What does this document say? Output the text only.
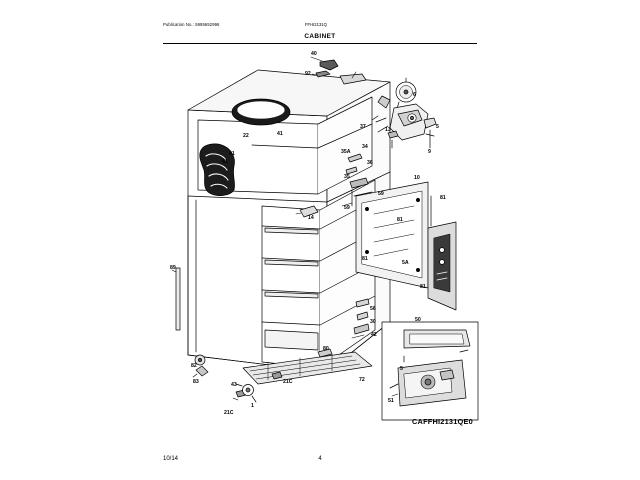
Publication No.: 5995652996	FFHI2131Q
CABINET
40
92
6
37	13	5
22	41
9
41	35A
34
36
41
35	10
59
81
59
14	81
81
5A
89
81
56
50
30
42
80
82
72
5
83	43	21C
51
21C
1
CAFFHI2131QE0
10/14	4
